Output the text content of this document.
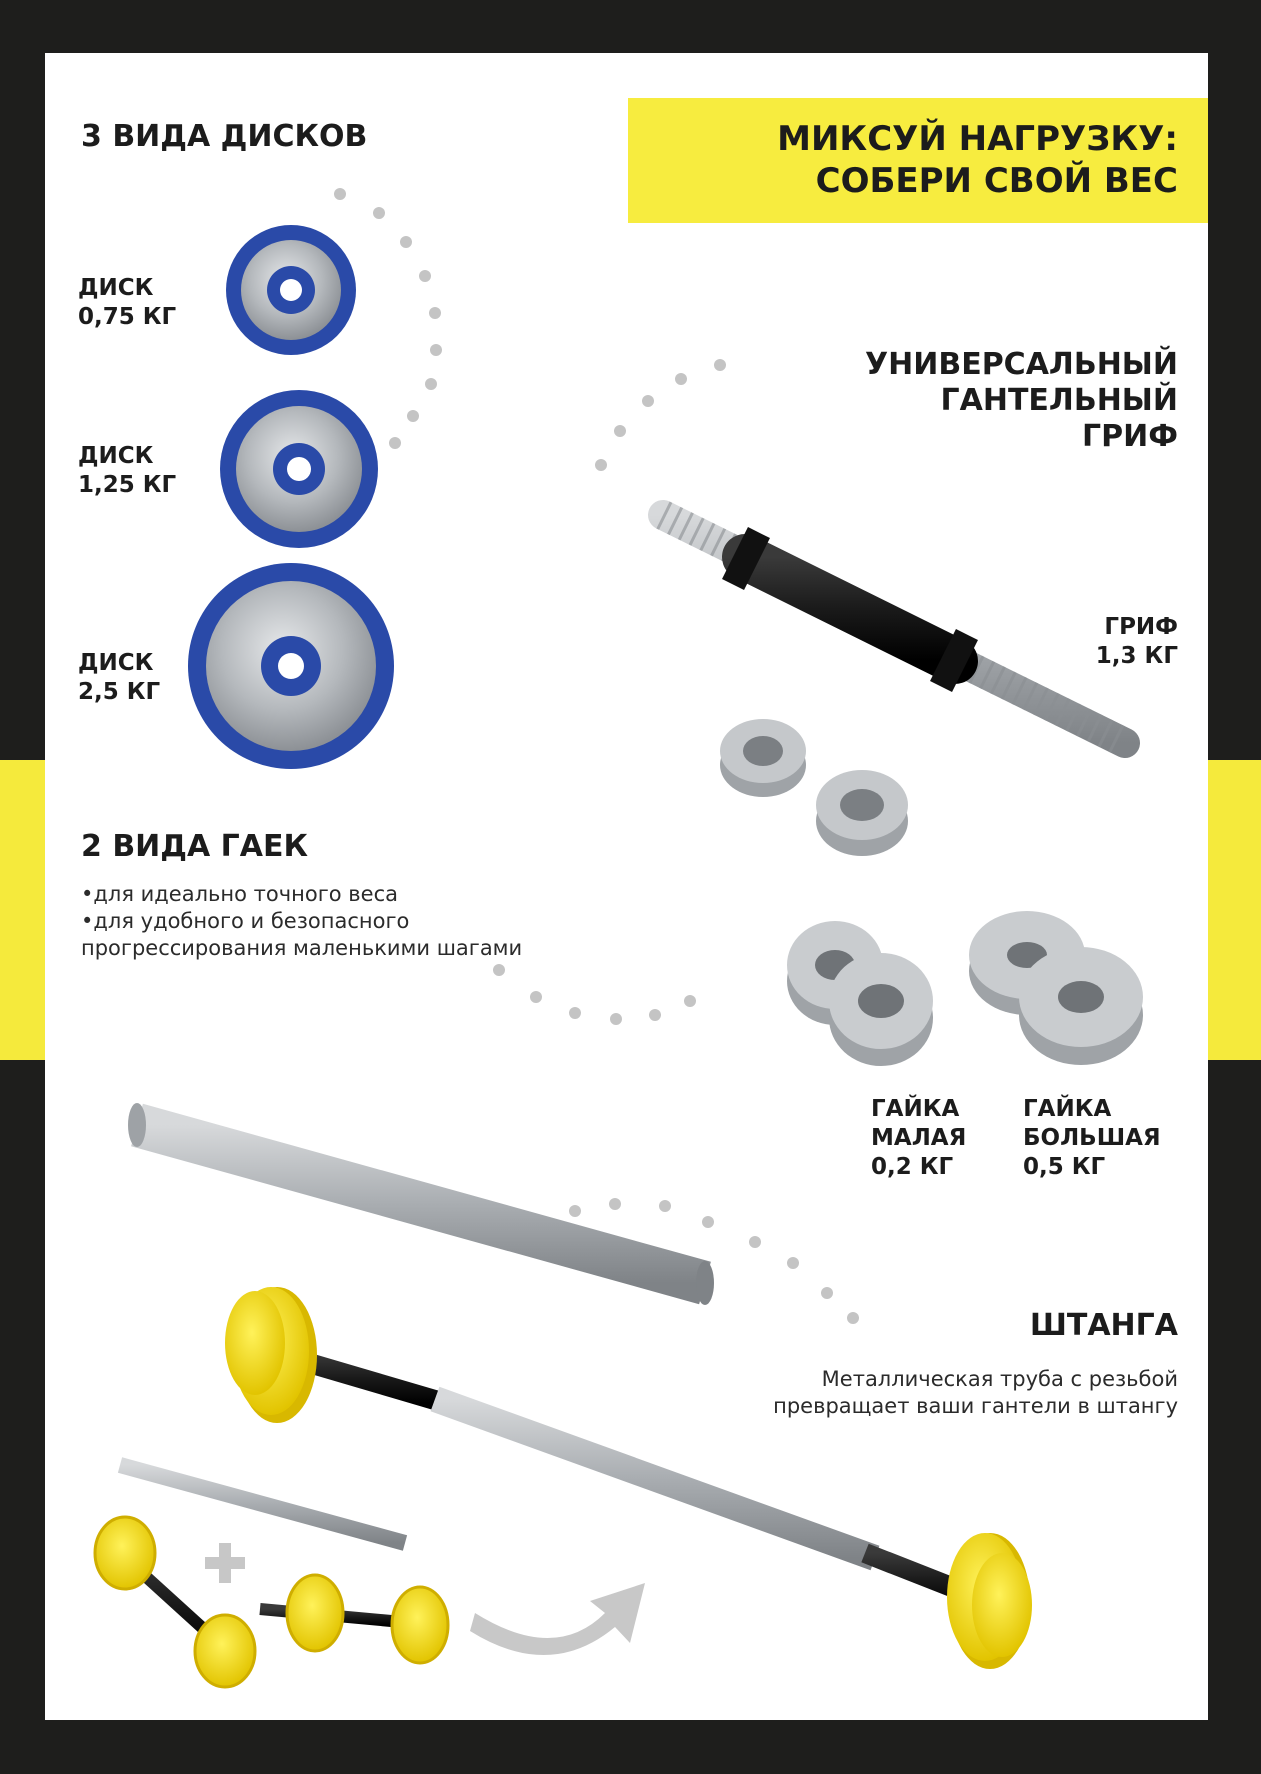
МИКСУЙ НАГРУЗКУ:
СОБЕРИ СВОЙ ВЕС
3 ВИДА ДИСКОВ
ДИСК
0,75 КГ
ДИСК
1,25 КГ
ДИСК
2,5 КГ
УНИВЕРСАЛЬНЫЙ
ГАНТЕЛЬНЫЙ
ГРИФ
ГРИФ
1,3 КГ
2 ВИДА ГАЕК
•для идеально точного веса
•для удобного и безопасного
прогрессирования маленькими шагами
ГАЙКА
МАЛАЯ
0,2 КГ
ГАЙКА
БОЛЬШАЯ
0,5 КГ
ШТАНГА
Металлическая труба с резьбой
превращает ваши гантели в штангу
